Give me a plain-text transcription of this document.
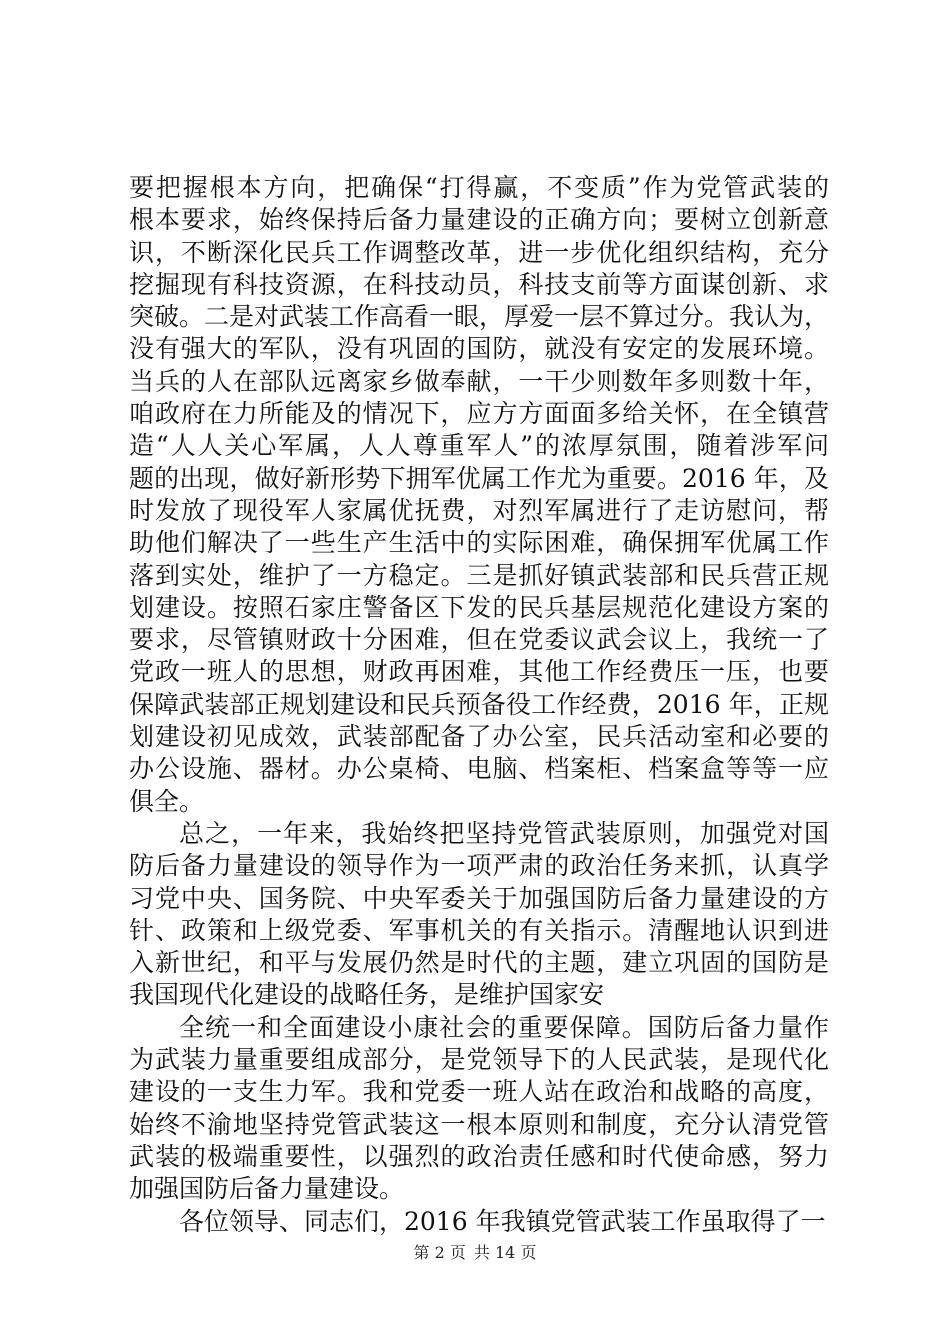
要把握根本方向，把确保“打得赢，不变质”作为党管武装的
根本要求，始终保持后备力量建设的正确方向；要树立创新意
识，不断深化民兵工作调整改革，进一步优化组织结构，充分
挖掘现有科技资源，在科技动员，科技支前等方面谋创新、求
突破。二是对武装工作高看一眼，厚爱一层不算过分。我认为，
没有强大的军队，没有巩固的国防，就没有安定的发展环境。
当兵的人在部队远离家乡做奉献，一干少则数年多则数十年，
咱政府在力所能及的情况下，应方方面面多给关怀，在全镇营
造“人人关心军属，人人尊重军人”的浓厚氛围，随着涉军问
题的出现，做好新形势下拥军优属工作尤为重要。2016 年，及
时发放了现役军人家属优抚费，对烈军属进行了走访慰问，帮
助他们解决了一些生产生活中的实际困难，确保拥军优属工作
落到实处，维护了一方稳定。三是抓好镇武装部和民兵营正规
划建设。按照石家庄警备区下发的民兵基层规范化建设方案的
要求，尽管镇财政十分困难，但在党委议武会议上，我统一了
党政一班人的思想，财政再困难，其他工作经费压一压，也要
保障武装部正规划建设和民兵预备役工作经费，2016 年，正规
划建设初见成效，武装部配备了办公室，民兵活动室和必要的
办公设施、器材。办公桌椅、电脑、档案柜、档案盒等等一应
俱全。
总之，一年来，我始终把坚持党管武装原则，加强党对国
防后备力量建设的领导作为一项严肃的政治任务来抓，认真学
习党中央、国务院、中央军委关于加强国防后备力量建设的方
针、政策和上级党委、军事机关的有关指示。清醒地认识到进
入新世纪，和平与发展仍然是时代的主题，建立巩固的国防是
我国现代化建设的战略任务，是维护国家安
全统一和全面建设小康社会的重要保障。国防后备力量作
为武装力量重要组成部分，是党领导下的人民武装，是现代化
建设的一支生力军。我和党委一班人站在政治和战略的高度，
始终不渝地坚持党管武装这一根本原则和制度，充分认清党管
武装的极端重要性，以强烈的政治责任感和时代使命感，努力
加强国防后备力量建设。
各位领导、同志们，2016 年我镇党管武装工作虽取得了一
第 2 页 共 14 页
